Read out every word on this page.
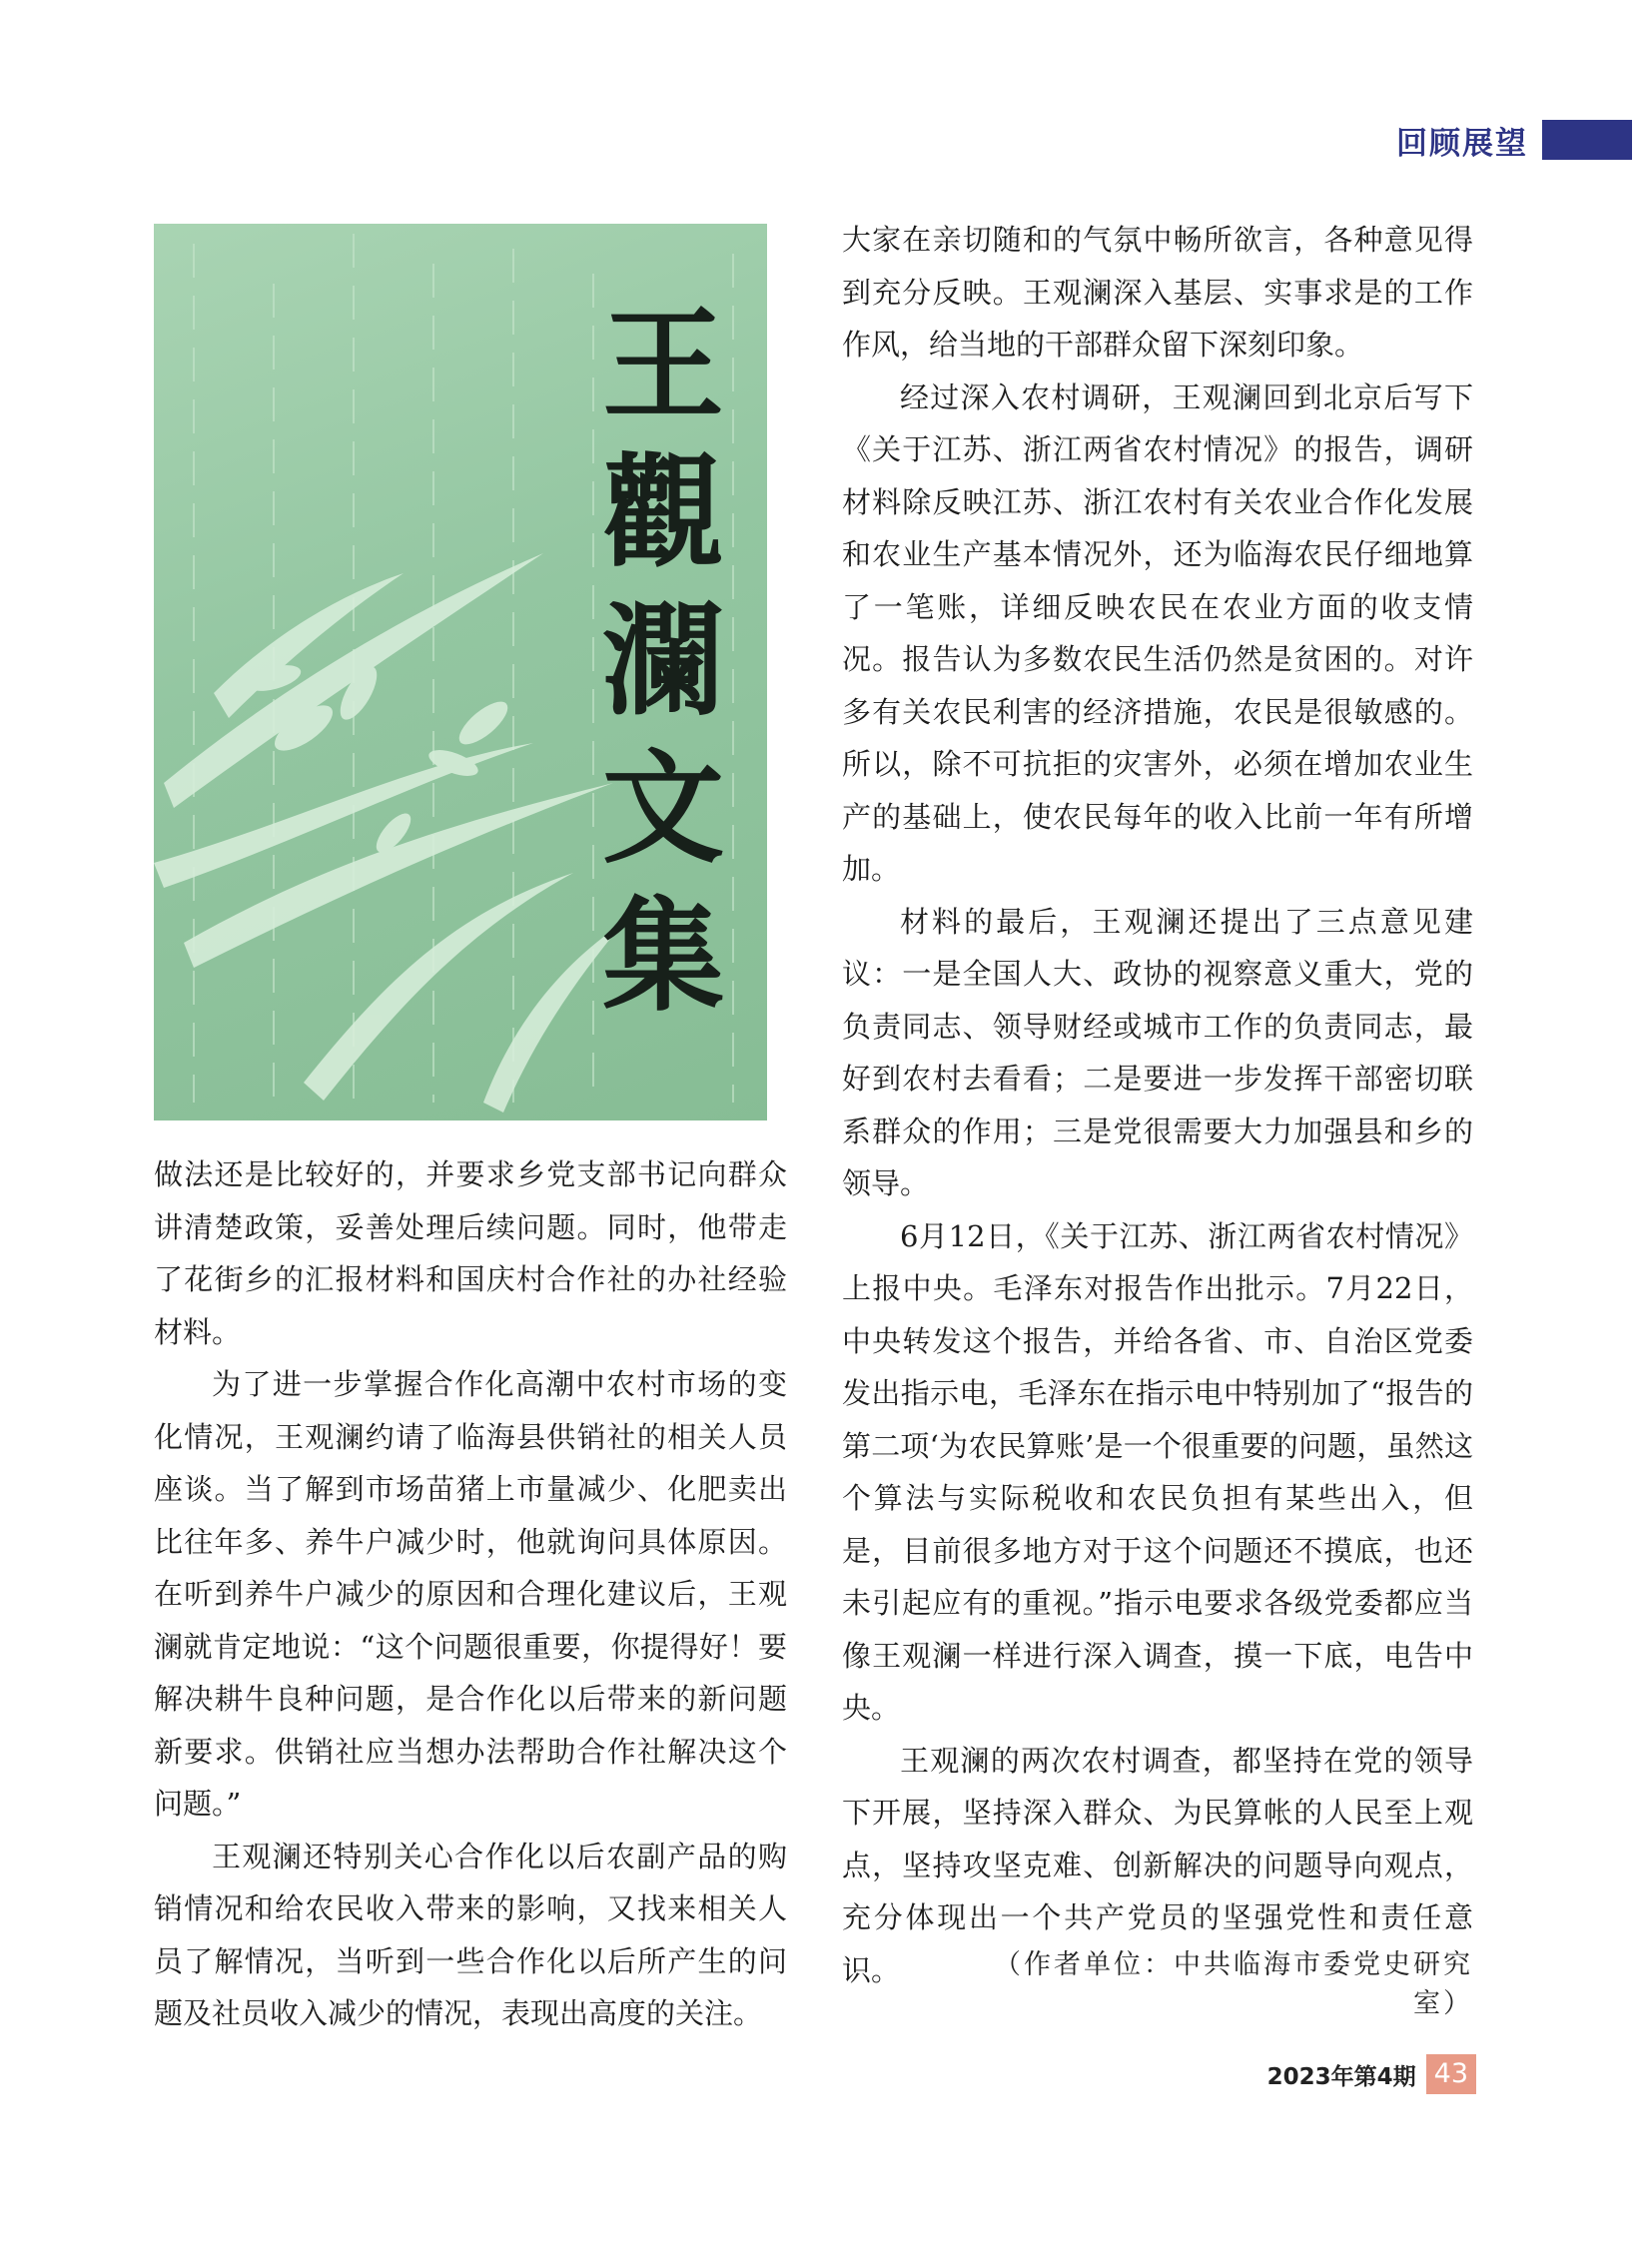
回顾展望
王
觀
瀾
文
集

做法还是比较好的，并要求乡党支部书记向群众讲清楚政策，妥善处理后续问题。同时，他带走了花街乡的汇报材料和国庆村合作社的办社经验材料。

为了进一步掌握合作化高潮中农村市场的变化情况，王观澜约请了临海县供销社的相关人员座谈。当了解到市场苗猪上市量减少、化肥卖出比往年多、养牛户减少时，他就询问具体原因。在听到养牛户减少的原因和合理化建议后，王观澜就肯定地说：“这个问题很重要，你提得好！要解决耕牛良种问题，是合作化以后带来的新问题新要求。供销社应当想办法帮助合作社解决这个问题。”

王观澜还特别关心合作化以后农副产品的购销情况和给农民收入带来的影响，又找来相关人员了解情况，当听到一些合作化以后所产生的问题及社员收入减少的情况，表现出高度的关注。

大家在亲切随和的气氛中畅所欲言，各种意见得到充分反映。王观澜深入基层、实事求是的工作作风，给当地的干部群众留下深刻印象。

经过深入农村调研，王观澜回到北京后写下《关于江苏、浙江两省农村情况》的报告，调研材料除反映江苏、浙江农村有关农业合作化发展和农业生产基本情况外，还为临海农民仔细地算了一笔账，详细反映农民在农业方面的收支情况。报告认为多数农民生活仍然是贫困的。对许多有关农民利害的经济措施，农民是很敏感的。所以，除不可抗拒的灾害外，必须在增加农业生产的基础上，使农民每年的收入比前一年有所增加。

材料的最后，王观澜还提出了三点意见建议：一是全国人大、政协的视察意义重大，党的负责同志、领导财经或城市工作的负责同志，最好到农村去看看；二是要进一步发挥干部密切联系群众的作用；三是党很需要大力加强县和乡的领导。

6月12日，《关于江苏、浙江两省农村情况》上报中央。毛泽东对报告作出批示。7月22日，中央转发这个报告，并给各省、市、自治区党委发出指示电，毛泽东在指示电中特别加了“报告的第二项‘为农民算账’是一个很重要的问题，虽然这个算法与实际税收和农民负担有某些出入，但是，目前很多地方对于这个问题还不摸底，也还未引起应有的重视。”指示电要求各级党委都应当像王观澜一样进行深入调查，摸一下底，电告中央。

王观澜的两次农村调查，都坚持在党的领导下开展，坚持深入群众、为民算帐的人民至上观点，坚持攻坚克难、创新解决的问题导向观点，充分体现出一个共产党员的坚强党性和责任意识。	（作者单位：中共临海市委党史研究室）
2023年第4期 43
